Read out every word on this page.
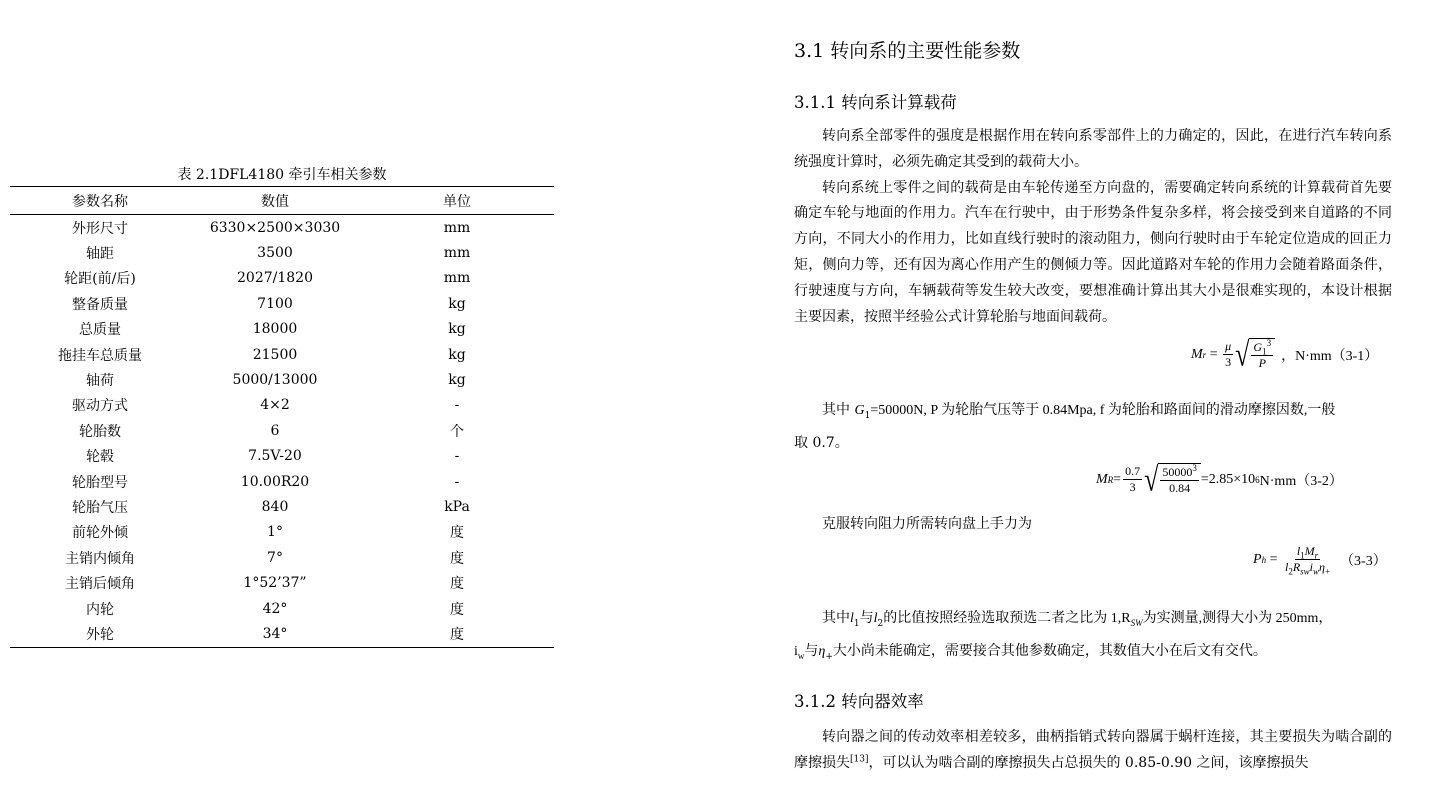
表 2.1DFL4180 牵引车相关参数
参数名称	数值	单位
外形尺寸	6330×2500×3030	mm
轴距	3500	mm
轮距(前/后)	2027/1820	mm
整备质量	7100	kg
总质量	18000	kg
拖挂车总质量	21500	kg
轴荷	5000/13000	kg
驱动方式	4×2	-
轮胎数	6	个
轮毂	7.5V-20	-
轮胎型号	10.00R20	-
轮胎气压	840	kPa
前轮外倾	1°	度
主销内倾角	7°	度
主销后倾角	1°52’37”	度
内轮	42°	度
外轮	34°	度
3.1 转向系的主要性能参数
3.1.1 转向系计算载荷

转向系全部零件的强度是根据作用在转向系零部件上的力确定的，因此，在进行汽车转向系统强度计算时，必须先确定其受到的载荷大小。

转向系统上零件之间的载荷是由车轮传递至方向盘的，需要确定转向系统的计算载荷首先要确定车轮与地面的作用力。汽车在行驶中，由于形势条件复杂多样，将会接受到来自道路的不同方向，不同大小的作用力，比如直线行驶时的滚动阻力，侧向行驶时由于车轮定位造成的回正力矩，侧向力等，还有因为离心作用产生的侧倾力等。因此道路对车轮的作用力会随着路面条件，行驶速度与方向，车辆载荷等发生较大改变，要想准确计算出其大小是很难实现的，本设计根据主要因素，按照半经验公式计算轮胎与地面间载荷。

M $r = \frac{\mu}{3}$ √ $\frac{G_1^3}{P}$ ，N·mm（3-1）

其中 $G_1=50000N$, P 为轮胎气压等于 0.84Mpa, f 为轮胎和路面间的滑动摩擦因数,一般

取 0.7。

M $R = \frac{0.7}{3}$ √ $\frac{50000^3}{0.84} =2.85\times 10$ 6 N·mm（3-2）

克服转向阻力所需转向盘上手力为

P $h = \frac{l_1M_r}{l_2R_{sw}i_w\eta_+} (3-3)$

其中$l_1$与$l_2$的比值按照经验选取预选二者之比为 $1,R_{SW}$为实测量,测得大小为 250mm，

$i_w$与$\eta_+$大小尚未能确定，需要接合其他参数确定，其数值大小在后文有交代。

3.1.2 转向器效率

转向器之间的传动效率相差较多，曲柄指销式转向器属于蜗杆连接，其主要损失为啮合副的摩擦损失[13]，可以认为啮合副的摩擦损失占总损失的 0.85-0.90 之间，该摩擦损失
